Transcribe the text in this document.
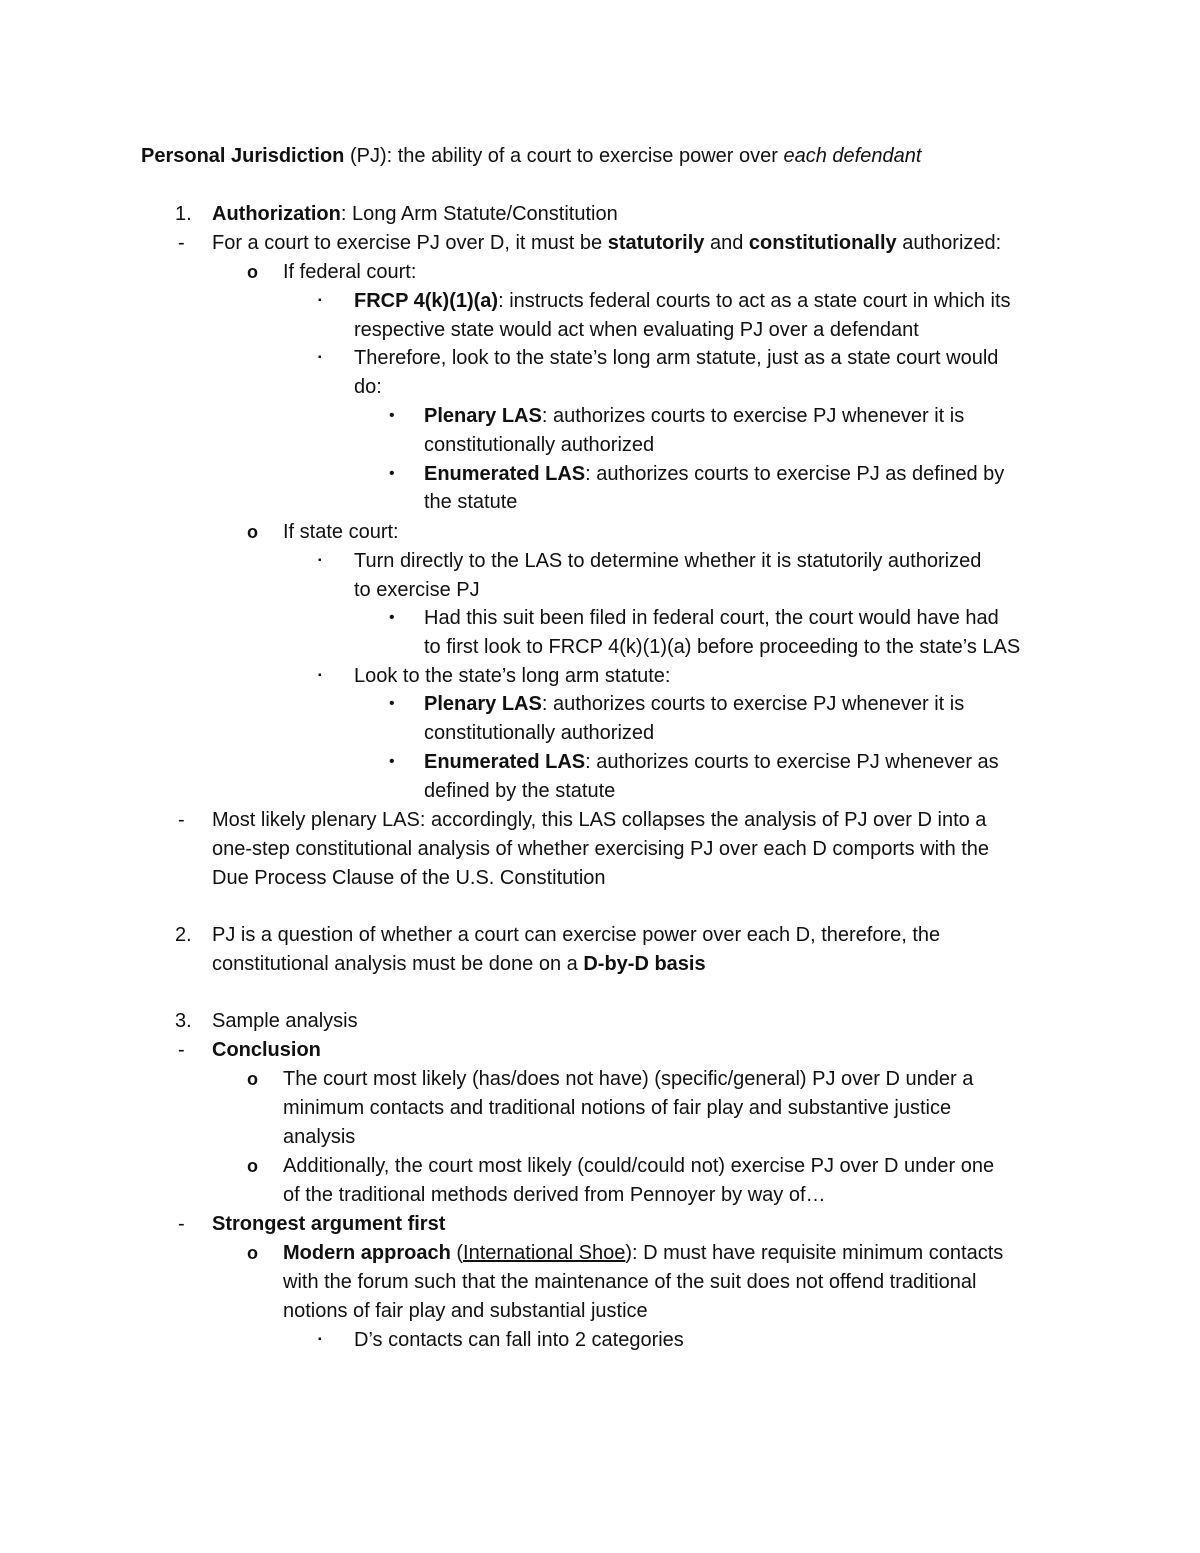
Personal Jurisdiction (PJ): the ability of a court to exercise power over each defendant
1. Authorization: Long Arm Statute/Constitution
- For a court to exercise PJ over D, it must be statutorily and constitutionally authorized:
o If federal court:
▪ FRCP 4(k)(1)(a): instructs federal courts to act as a state court in which its
respective state would act when evaluating PJ over a defendant
▪ Therefore, look to the state’s long arm statute, just as a state court would
do:
• Plenary LAS: authorizes courts to exercise PJ whenever it is
constitutionally authorized
• Enumerated LAS: authorizes courts to exercise PJ as defined by
the statute
o If state court:
▪ Turn directly to the LAS to determine whether it is statutorily authorized
to exercise PJ
• Had this suit been filed in federal court, the court would have had
to first look to FRCP 4(k)(1)(a) before proceeding to the state’s LAS
▪ Look to the state’s long arm statute:
• Plenary LAS: authorizes courts to exercise PJ whenever it is
constitutionally authorized
• Enumerated LAS: authorizes courts to exercise PJ whenever as
defined by the statute
- Most likely plenary LAS: accordingly, this LAS collapses the analysis of PJ over D into a
one-step constitutional analysis of whether exercising PJ over each D comports with the
Due Process Clause of the U.S. Constitution
2. PJ is a question of whether a court can exercise power over each D, therefore, the
constitutional analysis must be done on a D-by-D basis
3. Sample analysis
- Conclusion
o The court most likely (has/does not have) (specific/general) PJ over D under a
minimum contacts and traditional notions of fair play and substantive justice
analysis
o Additionally, the court most likely (could/could not) exercise PJ over D under one
of the traditional methods derived from Pennoyer by way of…
- Strongest argument first
o Modern approach (International Shoe): D must have requisite minimum contacts
with the forum such that the maintenance of the suit does not offend traditional
notions of fair play and substantial justice
▪ D’s contacts can fall into 2 categories
